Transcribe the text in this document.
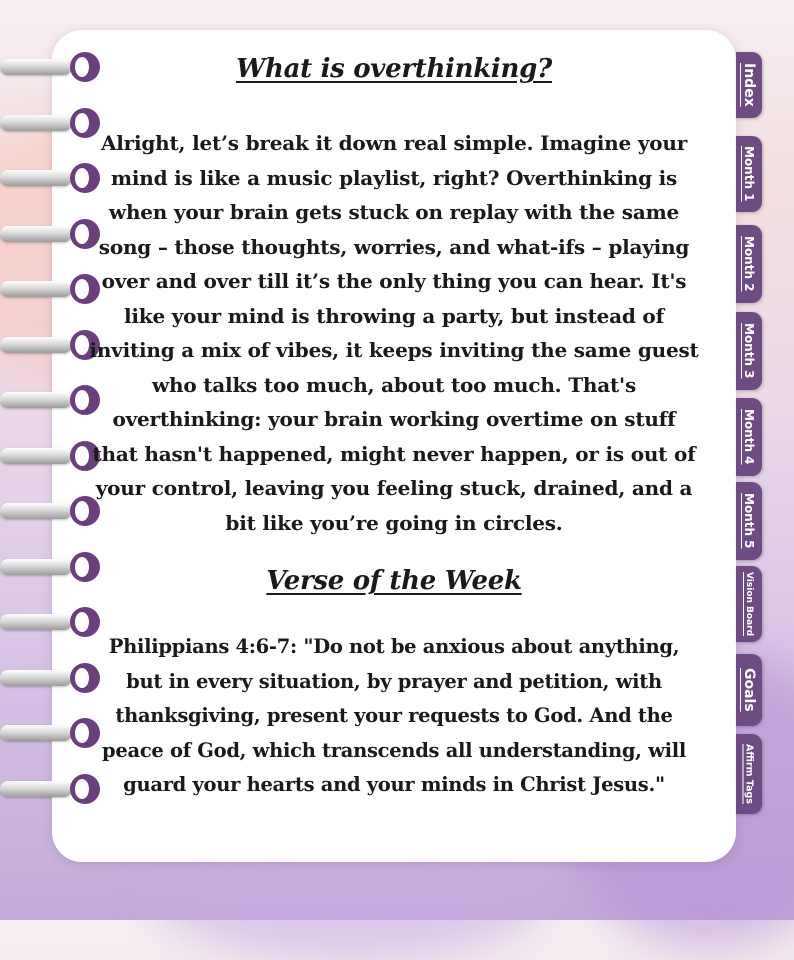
Index
Month 1
Month 2
Month 3
Month 4
Month 5
Vision Board
Goals
Affirm Tags
What is overthinking?
Alright, let’s break it down real simple. Imagine your mind is like a music playlist, right? Overthinking is when your brain gets stuck on replay with the same song – those thoughts, worries, and what-ifs – playing over and over till it’s the only thing you can hear. It's like your mind is throwing a party, but instead of inviting a mix of vibes, it keeps inviting the same guest who talks too much, about too much. That's overthinking: your brain working overtime on stuff that hasn't happened, might never happen, or is out of your control, leaving you feeling stuck, drained, and a bit like you’re going in circles.
Verse of the Week
Philippians 4:6-7: "Do not be anxious about anything, but in every situation, by prayer and petition, with thanksgiving, present your requests to God. And the peace of God, which transcends all understanding, will guard your hearts and your minds in Christ Jesus."
